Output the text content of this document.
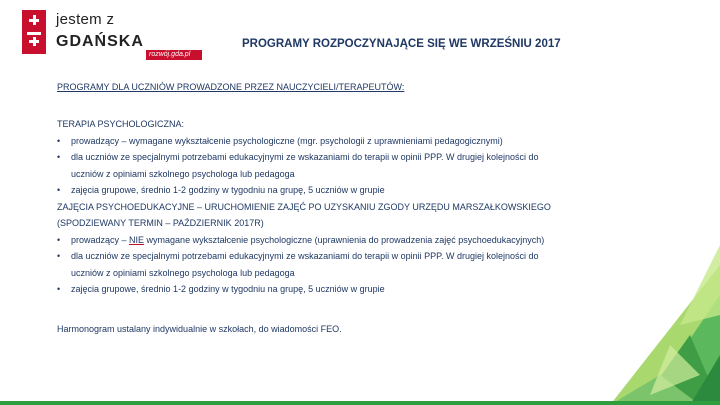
jestem z
GDAŃSKA
rozwój.gda.pl
PROGRAMY ROZPOCZYNAJĄCE SIĘ WE WRZEŚNIU 2017
PROGRAMY DLA UCZNIÓW PROWADZONE PRZEZ NAUCZYCIELI/TERAPEUTÓW:
TERAPIA PSYCHOLOGICZNA:
• prowadzący – wymagane wykształcenie psychologiczne (mgr. psychologii z uprawnieniami pedagogicznymi)
• dla uczniów ze specjalnymi potrzebami edukacyjnymi ze wskazaniami do terapii w opinii PPP. W drugiej kolejności do
uczniów z opiniami szkolnego psychologa lub pedagoga
• zajęcia grupowe, średnio 1-2 godziny w tygodniu na grupę, 5 uczniów w grupie
ZAJĘCIA PSYCHOEDUKACYJNE – URUCHOMIENIE ZAJĘĆ PO UZYSKANIU ZGODY URZĘDU MARSZAŁKOWSKIEGO
(SPODZIEWANY TERMIN – PAŹDZIERNIK 2017R)
• prowadzący – NIE wymagane wykształcenie psychologiczne (uprawnienia do prowadzenia zajęć psychoedukacyjnych)
• dla uczniów ze specjalnymi potrzebami edukacyjnymi ze wskazaniami do terapii w opinii PPP. W drugiej kolejności do
uczniów z opiniami szkolnego psychologa lub pedagoga
• zajęcia grupowe, średnio 1-2 godziny w tygodniu na grupę, 5 uczniów w grupie
Harmonogram ustalany indywidualnie w szkołach, do wiadomości FEO.
